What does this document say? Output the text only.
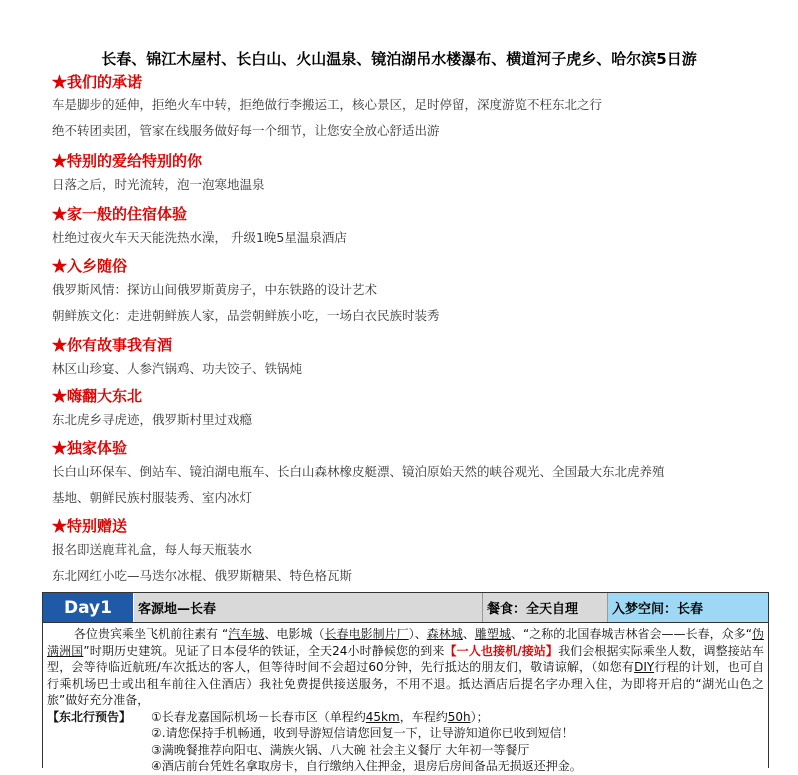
长春、锦江木屋村、长白山、火山温泉、镜泊湖吊水楼瀑布、横道河子虎乡、哈尔滨5日游
★我们的承诺
车是脚步的延伸，拒绝火车中转，拒绝做行李搬运工，核心景区，足时停留，深度游览不枉东北之行
绝不转团卖团，管家在线服务做好每一个细节，让您安全放心舒适出游
★特别的爱给特别的你
日落之后，时光流转，泡一泡寒地温泉
★家一般的住宿体验
杜绝过夜火车天天能洗热水澡， 升级1晚5星温泉酒店
★入乡随俗
俄罗斯风情：探访山间俄罗斯黄房子，中东铁路的设计艺术
朝鲜族文化：走进朝鲜族人家，品尝朝鲜族小吃，一场白衣民族时装秀
★你有故事我有酒
林区山珍宴、人参汽锅鸡、功夫饺子、铁锅炖
★嗨翻大东北
东北虎乡寻虎迹，俄罗斯村里过戏瘾
★独家体验
长白山环保车、倒站车、镜泊湖电瓶车、长白山森林橡皮艇漂、镜泊原始天然的峡谷观光、全国最大东北虎养殖
基地、朝鲜民族村服装秀、室内冰灯
★特别赠送
报名即送鹿茸礼盒，每人每天瓶装水
东北网红小吃—马迭尔冰棍、俄罗斯糖果、特色格瓦斯
Day1	客源地—长春	餐食：全天自理	入梦空间：长春

各位贵宾乘坐飞机前往素有 “汽车城、电影城（长春电影制片厂）、森林城、雕塑城、“之称的北国春城吉林省会——长春，众多“伪满洲国”时期历史建筑。见证了日本侵华的铁证，全天24小时静候您的到来【一人也接机/接站】我们会根据实际乘坐人数，调整接站车型，会等待临近航班/车次抵达的客人，但等待时间不会超过60分钟，先行抵达的朋友们，敬请谅解，（如您有DIY行程的计划，也可自行乘机场巴士或出租车前往入住酒店）我社免费提供接送服务，不用不退。抵达酒店后提名字办理入住，为即将开启的“湖光山色之旅”做好充分准备，

【东北行预告】	①长春龙嘉国际机场－长春市区（单程约45km，车程约50h）；
②.请您保持手机畅通，收到导游短信请您回复一下，让导游知道你已收到短信！
③满晚餐推荐向阳屯、满族火锅、八大碗 社会主义餐厅 大年初一等餐厅
④酒店前台凭姓名拿取房卡，自行缴纳入住押金，退房后房间备品无损返还押金。
